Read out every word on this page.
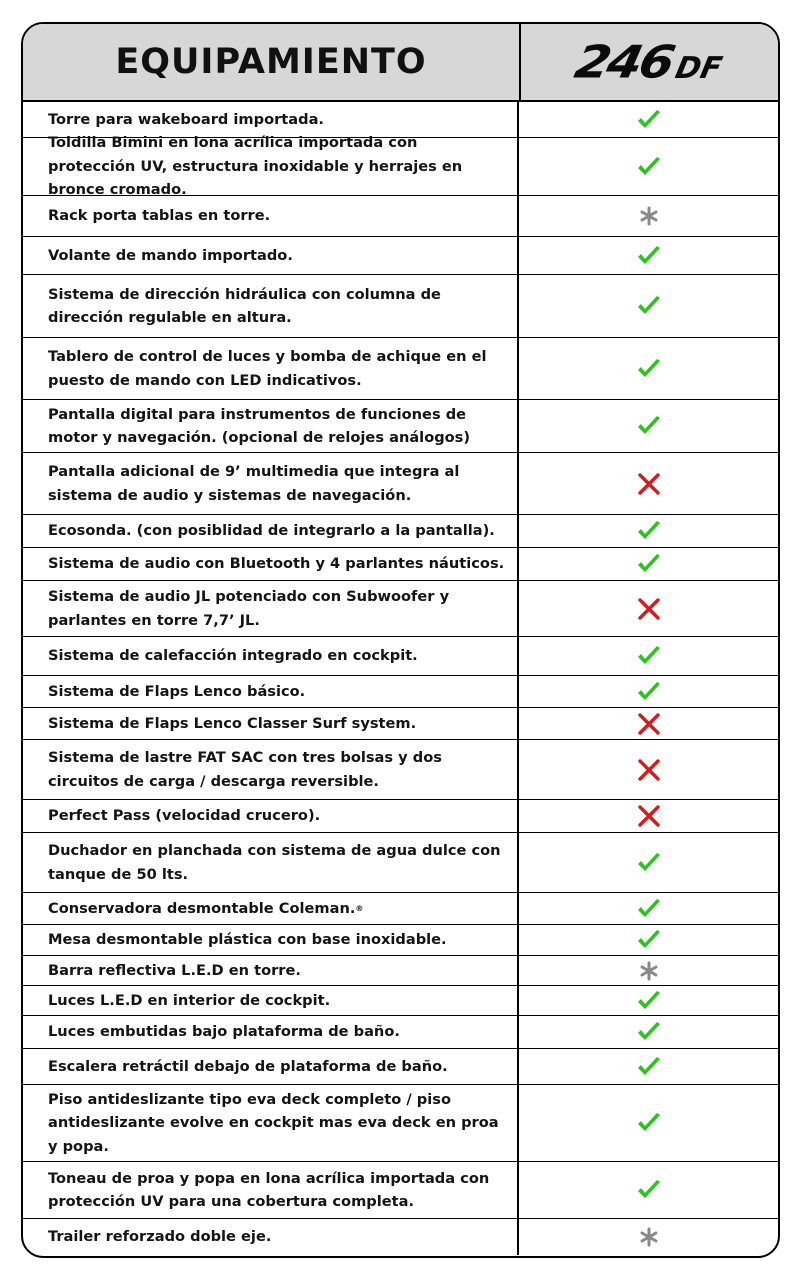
EQUIPAMIENTO	246
DF
Torre para wakeboard importada.
Toldilla Bimini en lona acrílica importada con protección UV, estructura inoxidable y herrajes en bronce cromado.
Rack porta tablas en torre.
Volante de mando importado.
Sistema de dirección hidráulica con columna de dirección regulable en altura.
Tablero de control de luces y bomba de achique en el puesto de mando con LED indicativos.
Pantalla digital para instrumentos de funciones de motor y navegación. (opcional de relojes análogos)
Pantalla adicional de 9’ multimedia que integra al sistema de audio y sistemas de navegación.
Ecosonda. (con posiblidad de integrarlo a la pantalla).
Sistema de audio con Bluetooth y 4 parlantes náuticos.
Sistema de audio JL potenciado con Subwoofer y parlantes en torre 7,7’ JL.
Sistema de calefacción integrado en cockpit.
Sistema de Flaps Lenco básico.
Sistema de Flaps Lenco Classer Surf system.
Sistema de lastre FAT SAC con tres bolsas y dos circuitos de carga / descarga reversible.
Perfect Pass (velocidad crucero).
Duchador en planchada con sistema de agua dulce con tanque de 50 lts.
Conservadora desmontable Coleman. ®
Mesa desmontable plástica con base inoxidable.
Barra reflectiva L.E.D en torre.
Luces L.E.D en interior de cockpit.
Luces embutidas bajo plataforma de baño.
Escalera retráctil debajo de plataforma de baño.
Piso antideslizante tipo eva deck completo / piso antideslizante evolve en cockpit mas eva deck en proa y popa.
Toneau de proa y popa en lona acrílica importada con protección UV para una cobertura completa.
Trailer reforzado doble eje.
